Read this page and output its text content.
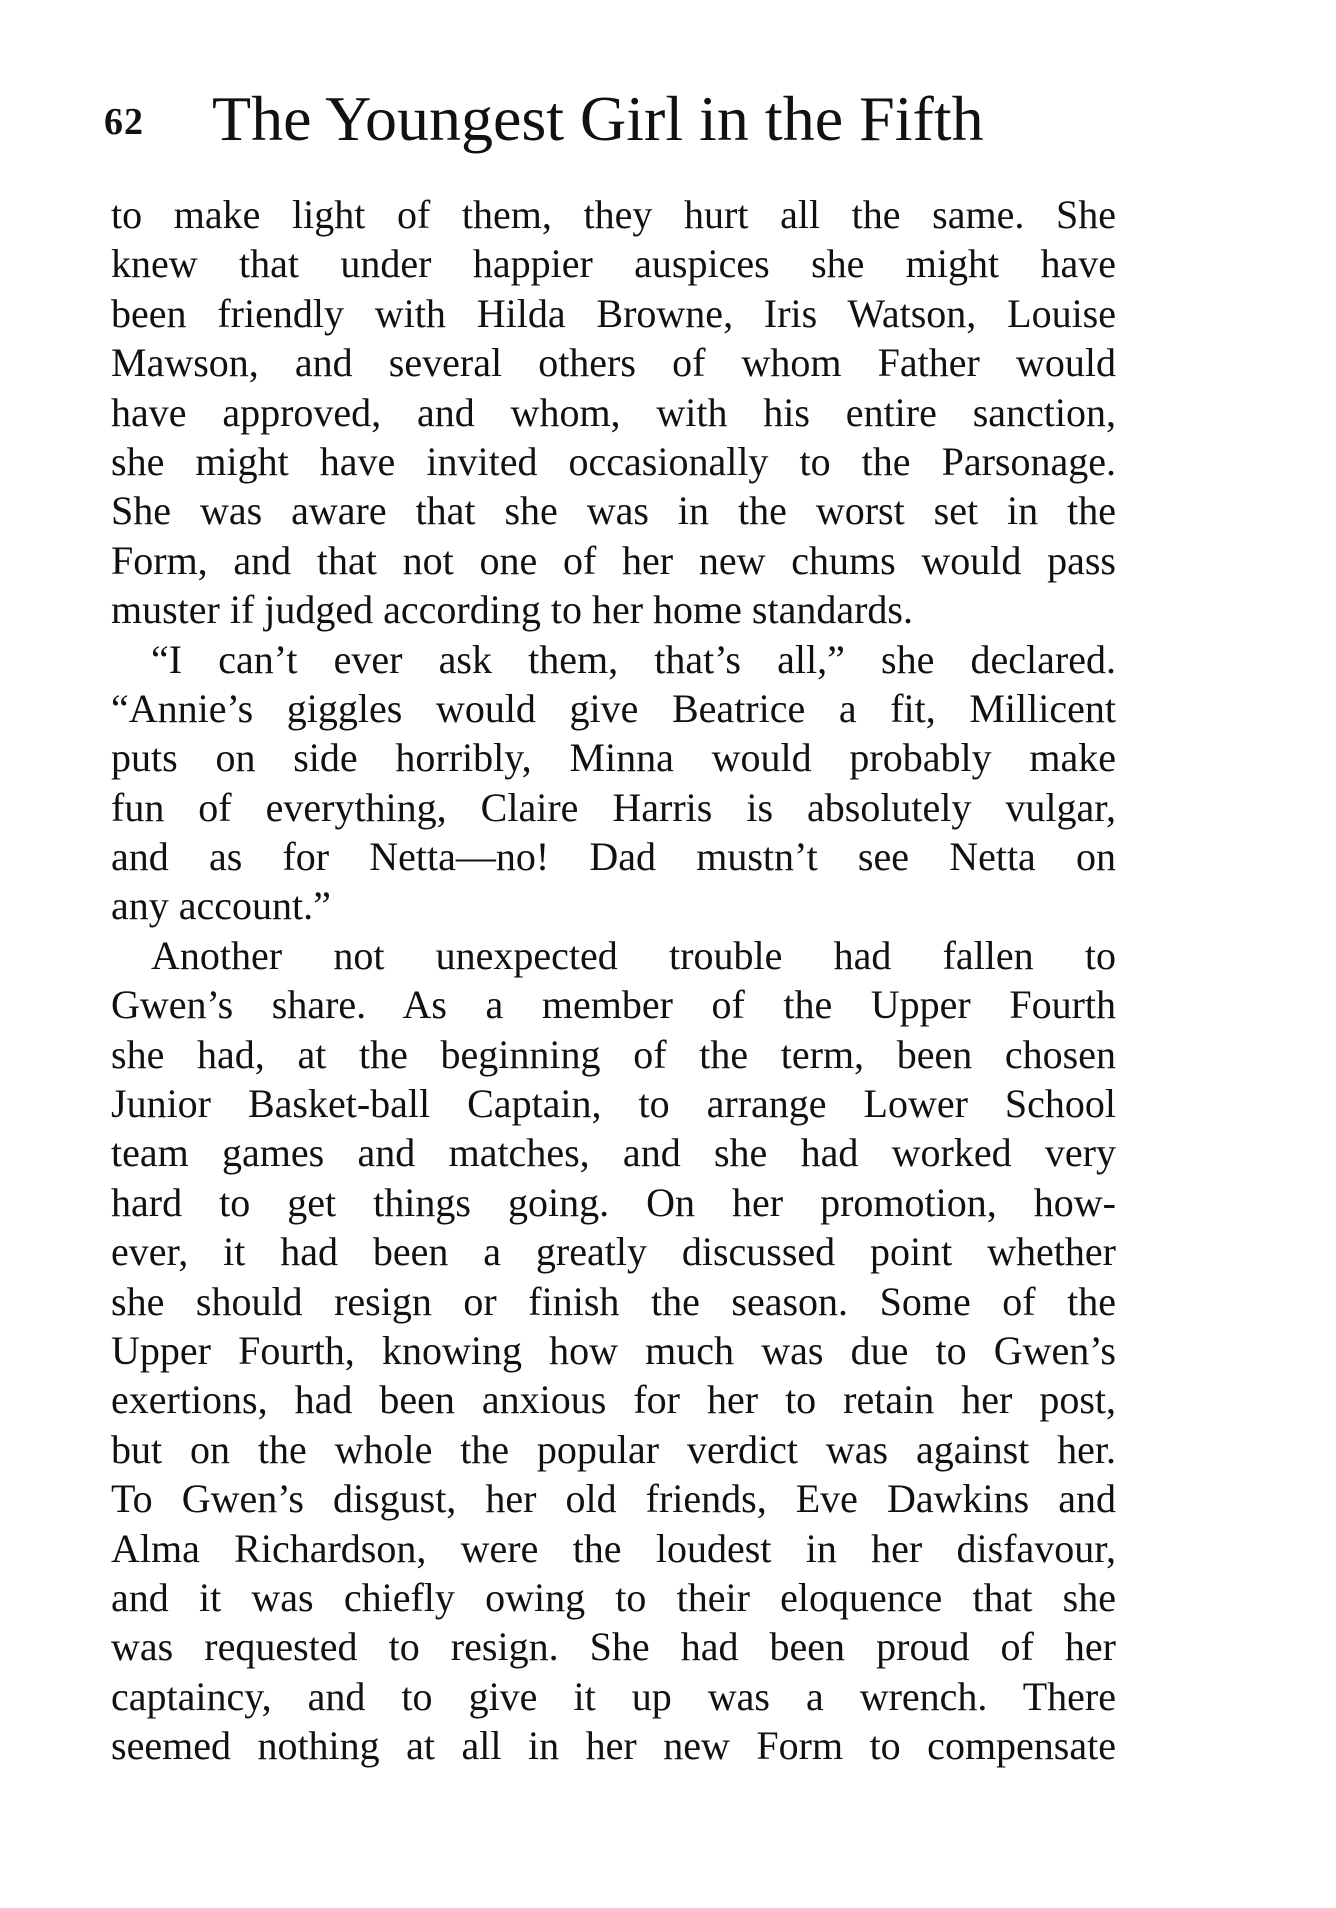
62 The Youngest Girl in the Fifth
to make light of them, they hurt all the same. She
knew that under happier auspices she might have
been friendly with Hilda Browne, Iris Watson, Louise
Mawson, and several others of whom Father would
have approved, and whom, with his entire sanction,
she might have invited occasionally to the Parsonage.
She was aware that she was in the worst set in the
Form, and that not one of her new chums would pass
muster if judged according to her home standards.
“I can’t ever ask them, that’s all,” she declared.
“Annie’s giggles would give Beatrice a fit, Millicent
puts on side horribly, Minna would probably make
fun of everything, Claire Harris is absolutely vulgar,
and as for Netta—no! Dad mustn’t see Netta on
any account.”
Another not unexpected trouble had fallen to
Gwen’s share. As a member of the Upper Fourth
she had, at the beginning of the term, been chosen
Junior Basket-ball Captain, to arrange Lower School
team games and matches, and she had worked very
hard to get things going. On her promotion, how-
ever, it had been a greatly discussed point whether
she should resign or finish the season. Some of the
Upper Fourth, knowing how much was due to Gwen’s
exertions, had been anxious for her to retain her post,
but on the whole the popular verdict was against her.
To Gwen’s disgust, her old friends, Eve Dawkins and
Alma Richardson, were the loudest in her disfavour,
and it was chiefly owing to their eloquence that she
was requested to resign. She had been proud of her
captaincy, and to give it up was a wrench. There
seemed nothing at all in her new Form to compensate
